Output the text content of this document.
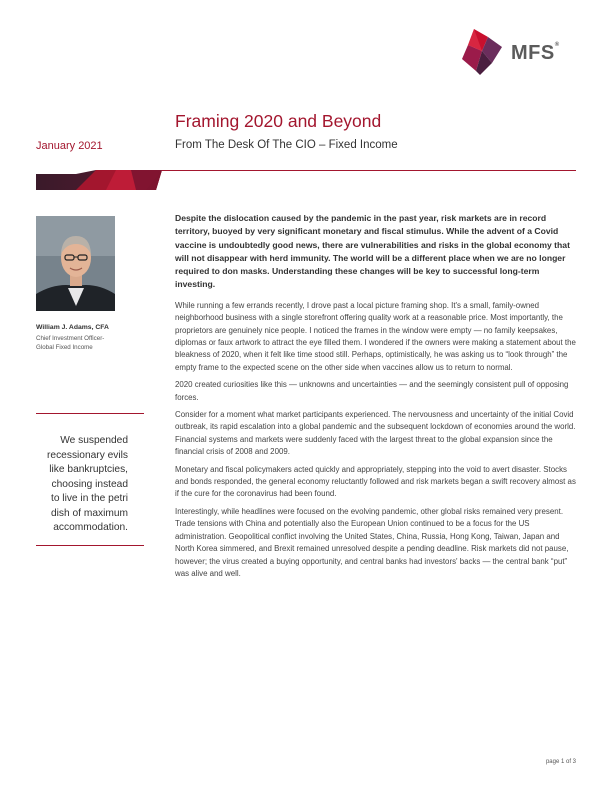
MFS®
Framing 2020 and Beyond
January 2021	From The Desk Of The CIO – Fixed Income
William J. Adams, CFA
Chief Investment Officer-
Global Fixed Income
We suspended recessionary evils like bankruptcies, choosing instead to live in the petri dish of maximum accommodation.

Despite the dislocation caused by the pandemic in the past year, risk markets are in record territory, buoyed by very significant monetary and fiscal stimulus. While the advent of a Covid vaccine is undoubtedly good news, there are vulnerabilities and risks in the global economy that will not disappear with herd immunity. The world will be a different place when we are no longer required to don masks. Understanding these changes will be key to successful long-term investing.

While running a few errands recently, I drove past a local picture framing shop. It's a small, family-owned neighborhood business with a single storefront offering quality work at a reasonable price. Most importantly, the proprietors are genuinely nice people. I noticed the frames in the window were empty — no family keepsakes, diplomas or faux artwork to attract the eye filled them. I wondered if the owners were making a statement about the bleakness of 2020, when it felt like time stood still. Perhaps, optimistically, he was asking us to “look through” the empty frame to the expected scene on the other side when vaccines allow us to return to normal.

2020 created curiosities like this — unknowns and uncertainties — and the seemingly consistent pull of opposing forces.

Consider for a moment what market participants experienced. The nervousness and uncertainty of the initial Covid outbreak, its rapid escalation into a global pandemic and the subsequent lockdown of economies around the world. Financial systems and markets were suddenly faced with the largest threat to the global expansion since the financial crisis of 2008 and 2009.

Monetary and fiscal policymakers acted quickly and appropriately, stepping into the void to avert disaster. Stocks and bonds responded, the general economy reluctantly followed and risk markets began a swift recovery almost as if the cure for the coronavirus had been found.

Interestingly, while headlines were focused on the evolving pandemic, other global risks remained very present. Trade tensions with China and potentially also the European Union continued to be a focus for the US administration. Geopolitical conflict involving the United States, China, Russia, Hong Kong, Taiwan, Japan and North Korea simmered, and Brexit remained unresolved despite a pending deadline. Risk markets did not pause, however; the virus created a buying opportunity, and central banks had investors' backs — the central bank “put” was alive and well.

page 1 of 3
